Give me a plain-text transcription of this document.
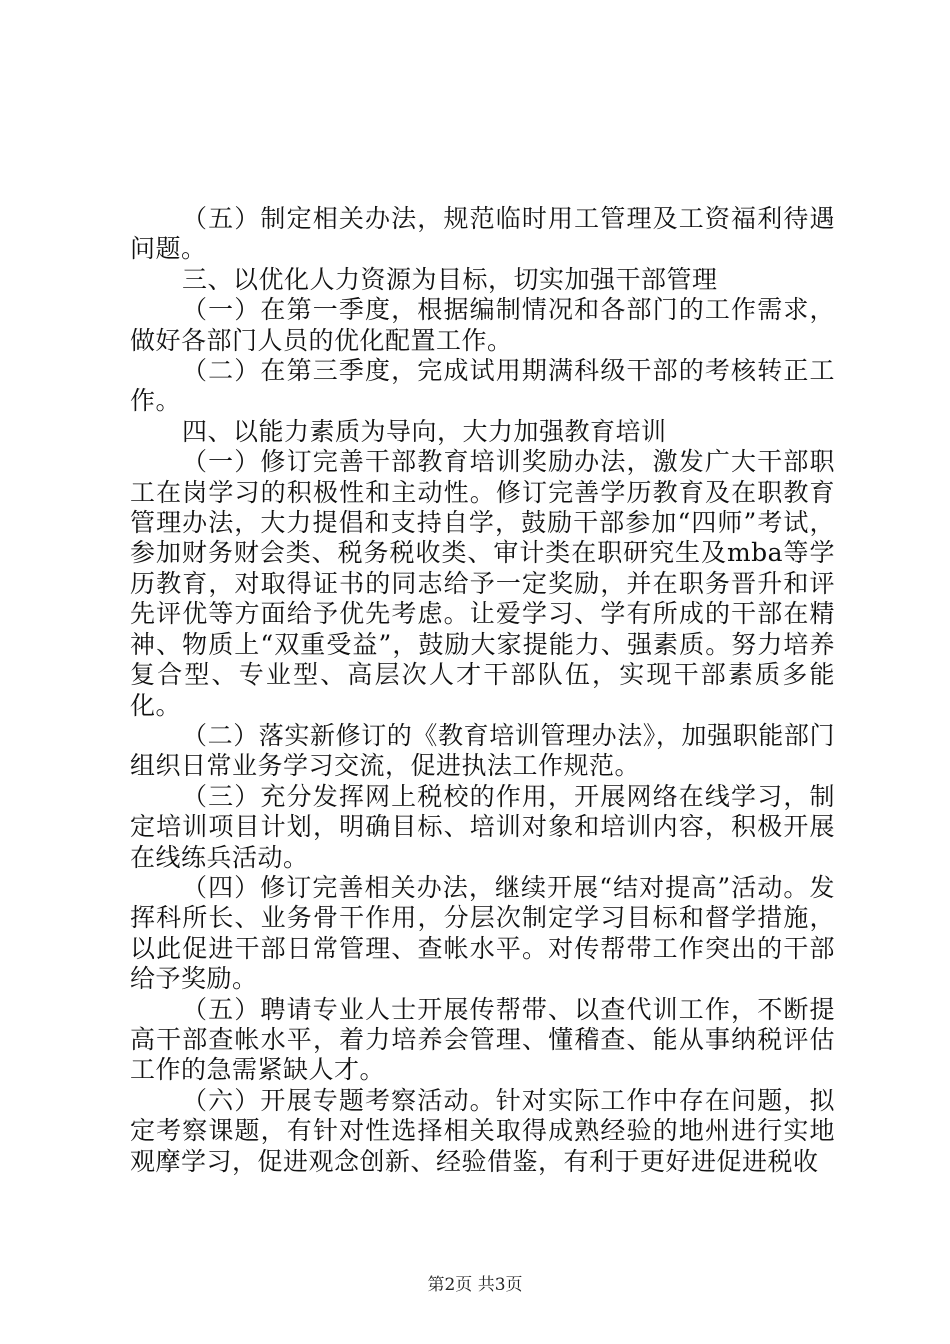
（五）制定相关办法，规范临时用工管理及工资福利待遇问题。

三、以优化人力资源为目标，切实加强干部管理

（一）在第一季度，根据编制情况和各部门的工作需求，做好各部门人员的优化配置工作。

（二）在第三季度，完成试用期满科级干部的考核转正工作。

四、以能力素质为导向，大力加强教育培训

（一）修订完善干部教育培训奖励办法，激发广大干部职工在岗学习的积极性和主动性。修订完善学历教育及在职教育管理办法，大力提倡和支持自学，鼓励干部参加“四师”考试，参加财务财会类、税务税收类、审计类在职研究生及mba等学历教育，对取得证书的同志给予一定奖励，并在职务晋升和评先评优等方面给予优先考虑。让爱学习、学有所成的干部在精神、物质上“双重受益”，鼓励大家提能力、强素质。努力培养复合型、专业型、高层次人才干部队伍，实现干部素质多能化。

（二）落实新修订的《教育培训管理办法》，加强职能部门组织日常业务学习交流，促进执法工作规范。

（三）充分发挥网上税校的作用，开展网络在线学习，制定培训项目计划，明确目标、培训对象和培训内容，积极开展在线练兵活动。

（四）修订完善相关办法，继续开展“结对提高”活动。发挥科所长、业务骨干作用，分层次制定学习目标和督学措施，以此促进干部日常管理、查帐水平。对传帮带工作突出的干部给予奖励。

（五）聘请专业人士开展传帮带、以查代训工作，不断提高干部查帐水平，着力培养会管理、懂稽查、能从事纳税评估工作的急需紧缺人才。

（六）开展专题考察活动。针对实际工作中存在问题，拟定考察课题，有针对性选择相关取得成熟经验的地州进行实地观摩学习，促进观念创新、经验借鉴，有利于更好进促进税收

第2页 共3页
